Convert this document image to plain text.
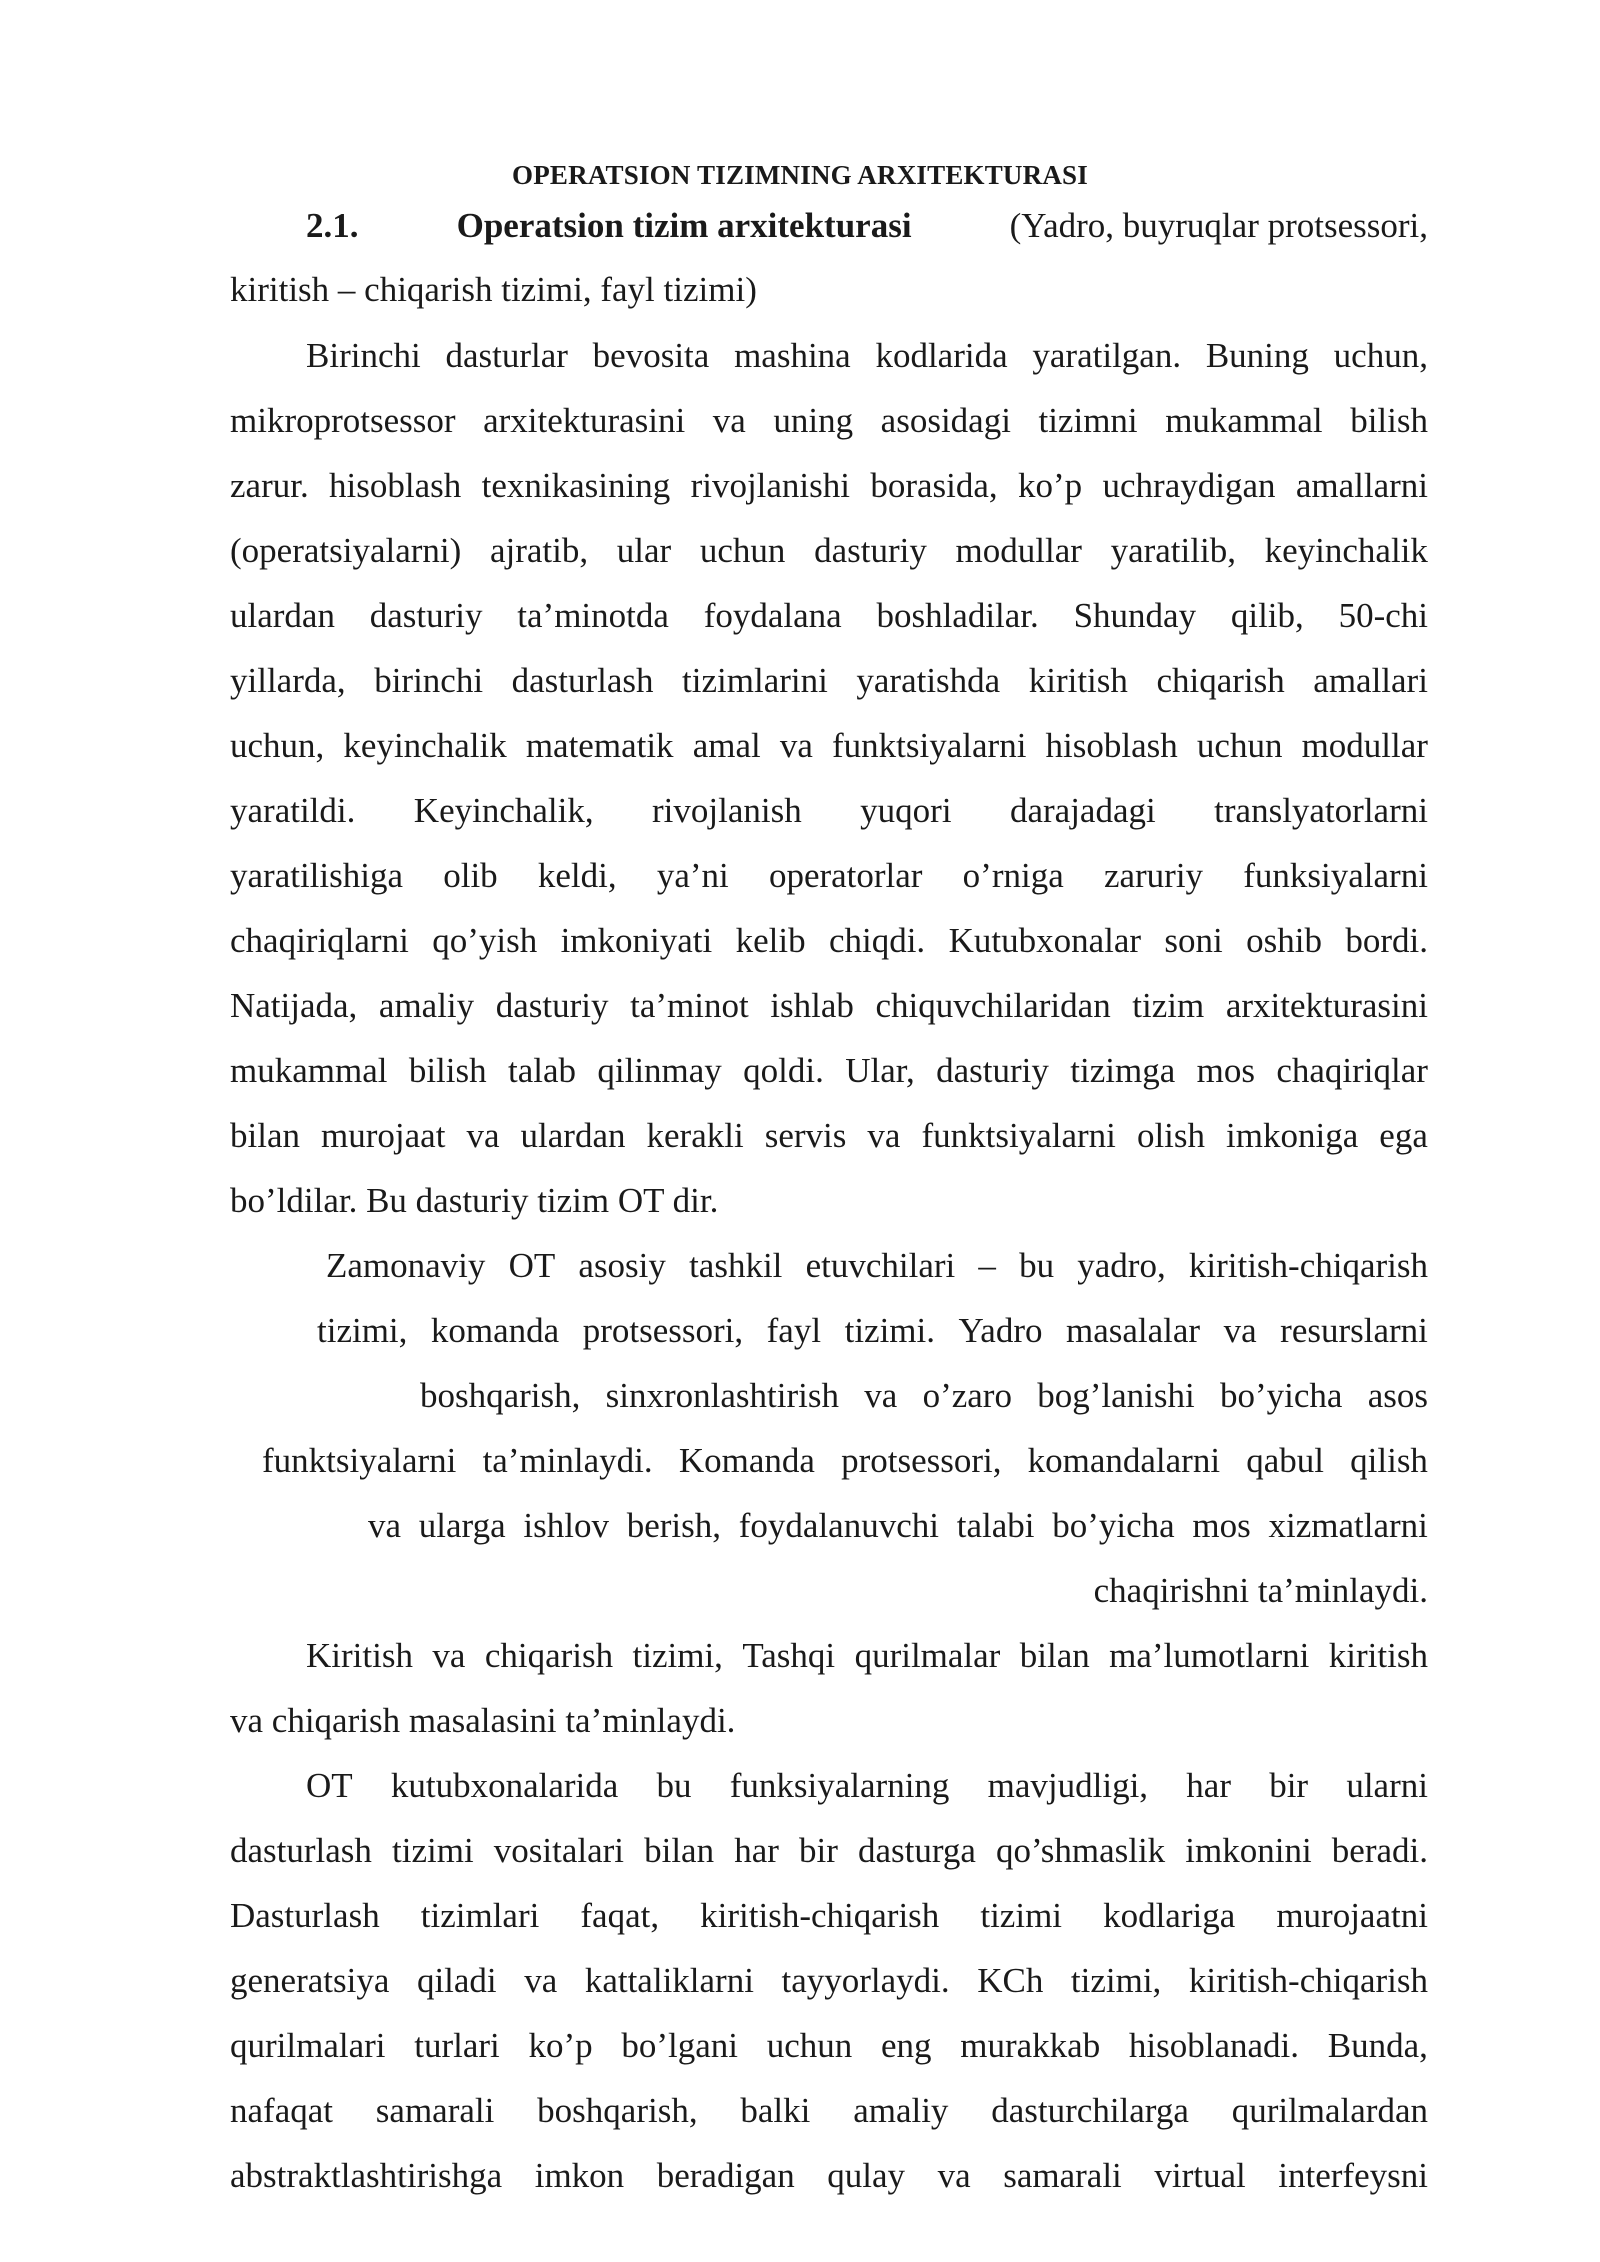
OPERATSION TIZIMNING ARXITEKTURASI
2.1.	Operatsion tizim arxitekturasi	(Yadro, buyruqlar protsessori,
kiritish – chiqarish tizimi, fayl tizimi)
Birinchi dasturlar bevosita mashina kodlarida yaratilgan. Buning uchun,
mikroprotsessor arxitekturasini va uning asosidagi tizimni mukammal bilish
zarur. hisoblash texnikasining rivojlanishi borasida, ko’p uchraydigan amallarni
(operatsiyalarni) ajratib, ular uchun dasturiy modullar yaratilib, keyinchalik
ulardan dasturiy ta’minotda foydalana boshladilar. Shunday qilib, 50-chi
yillarda, birinchi dasturlash tizimlarini yaratishda kiritish chiqarish amallari
uchun, keyinchalik matematik amal va funktsiyalarni hisoblash uchun modullar
yaratildi. Keyinchalik, rivojlanish yuqori darajadagi translyatorlarni
yaratilishiga olib keldi, ya’ni operatorlar o’rniga zaruriy funksiyalarni
chaqiriqlarni qo’yish imkoniyati kelib chiqdi. Kutubxonalar soni oshib bordi.
Natijada, amaliy dasturiy ta’minot ishlab chiquvchilaridan tizim arxitekturasini
mukammal bilish talab qilinmay qoldi. Ular, dasturiy tizimga mos chaqiriqlar
bilan murojaat va ulardan kerakli servis va funktsiyalarni olish imkoniga ega
bo’ldilar. Bu dasturiy tizim OT dir.
Zamonaviy OT asosiy tashkil etuvchilari – bu yadro, kiritish-chiqarish
tizimi, komanda protsessori, fayl tizimi. Yadro masalalar va resurslarni
boshqarish, sinxronlashtirish va o’zaro bog’lanishi bo’yicha asos
funktsiyalarni ta’minlaydi. Komanda protsessori, komandalarni qabul qilish
va ularga ishlov berish, foydalanuvchi talabi bo’yicha mos xizmatlarni
chaqirishni ta’minlaydi.
Kiritish va chiqarish tizimi, Tashqi qurilmalar bilan ma’lumotlarni kiritish
va chiqarish masalasini ta’minlaydi.
OT kutubxonalarida bu funksiyalarning mavjudligi, har bir ularni
dasturlash tizimi vositalari bilan har bir dasturga qo’shmaslik imkonini beradi.
Dasturlash tizimlari faqat, kiritish-chiqarish tizimi kodlariga murojaatni
generatsiya qiladi va kattaliklarni tayyorlaydi. KCh tizimi, kiritish-chiqarish
qurilmalari turlari ko’p bo’lgani uchun eng murakkab hisoblanadi. Bunda,
nafaqat samarali boshqarish, balki amaliy dasturchilarga qurilmalardan
abstraktlashtirishga imkon beradigan qulay va samarali virtual interfeysni
